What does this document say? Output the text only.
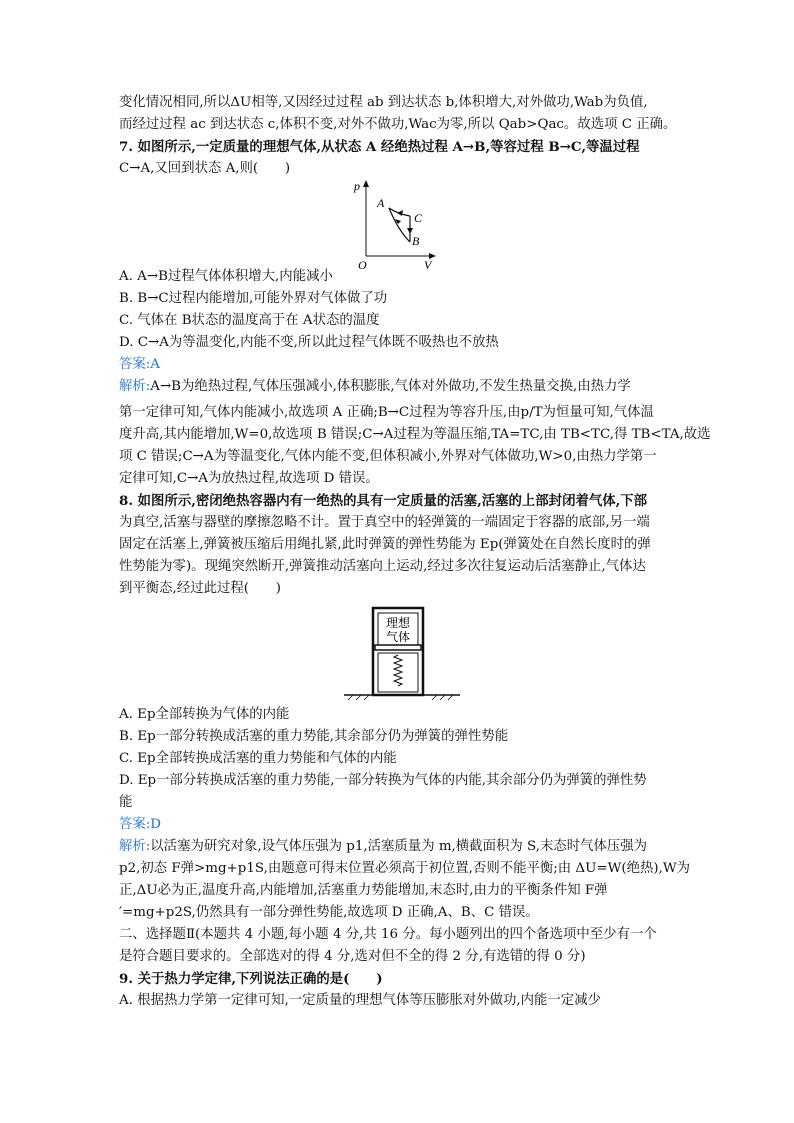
变化情况相同,所以ΔU相等,又因经过过程 ab 到达状态 b,体积增大,对外做功,Wab为负值,
而经过过程 ac 到达状态 c,体积不变,对外不做功,Wac为零,所以 Qab>Qac。故选项 C 正确。
7. 如图所示,一定质量的理想气体,从状态 A 经绝热过程 A→B,等容过程 B→C,等温过程
C→A,又回到状态 A,则(　　)
A. A→B过程气体体积增大,内能减小
B. B→C过程内能增加,可能外界对气体做了功
C. 气体在 B状态的温度高于在 A状态的温度
D. C→A为等温变化,内能不变,所以此过程气体既不吸热也不放热
答案:A
解析:A→B为绝热过程,气体压强减小,体积膨胀,气体对外做功,不发生热量交换,由热力学
第一定律可知,气体内能减小,故选项 A 正确;B→C过程为等容升压,由p/T为恒量可知,气体温
度升高,其内能增加,W=0,故选项 B 错误;C→A过程为等温压缩,TA=TC,由 TB<TC,得 TB<TA,故选
项 C 错误;C→A为等温变化,气体内能不变,但体积减小,外界对气体做功,W>0,由热力学第一
定律可知,C→A为放热过程,故选项 D 错误。
8. 如图所示,密闭绝热容器内有一绝热的具有一定质量的活塞,活塞的上部封闭着气体,下部
为真空,活塞与器壁的摩擦忽略不计。置于真空中的轻弹簧的一端固定于容器的底部,另一端
固定在活塞上,弹簧被压缩后用绳扎紧,此时弹簧的弹性势能为 Ep(弹簧处在自然长度时的弹
性势能为零)。现绳突然断开,弹簧推动活塞向上运动,经过多次往复运动后活塞静止,气体达
到平衡态,经过此过程(　　)
A. Ep全部转换为气体的内能
B. Ep一部分转换成活塞的重力势能,其余部分仍为弹簧的弹性势能
C. Ep全部转换成活塞的重力势能和气体的内能
D. Ep一部分转换成活塞的重力势能,一部分转换为气体的内能,其余部分仍为弹簧的弹性势
能
答案:D
解析:以活塞为研究对象,设气体压强为 p1,活塞质量为 m,横截面积为 S,末态时气体压强为
p2,初态 F弹>mg+p1S,由题意可得末位置必须高于初位置,否则不能平衡;由 ΔU=W(绝热),W为
正,ΔU必为正,温度升高,内能增加,活塞重力势能增加,末态时,由力的平衡条件知 F弹
′=mg+p2S,仍然具有一部分弹性势能,故选项 D 正确,A、B、C 错误。
二、选择题Ⅱ(本题共 4 小题,每小题 4 分,共 16 分。每小题列出的四个备选项中至少有一个
是符合题目要求的。全部选对的得 4 分,选对但不全的得 2 分,有选错的得 0 分)
9. 关于热力学定律,下列说法正确的是(　　)
A. 根据热力学第一定律可知,一定质量的理想气体等压膨胀对外做功,内能一定减少
p
O	V
A
C
B
理想
气体
